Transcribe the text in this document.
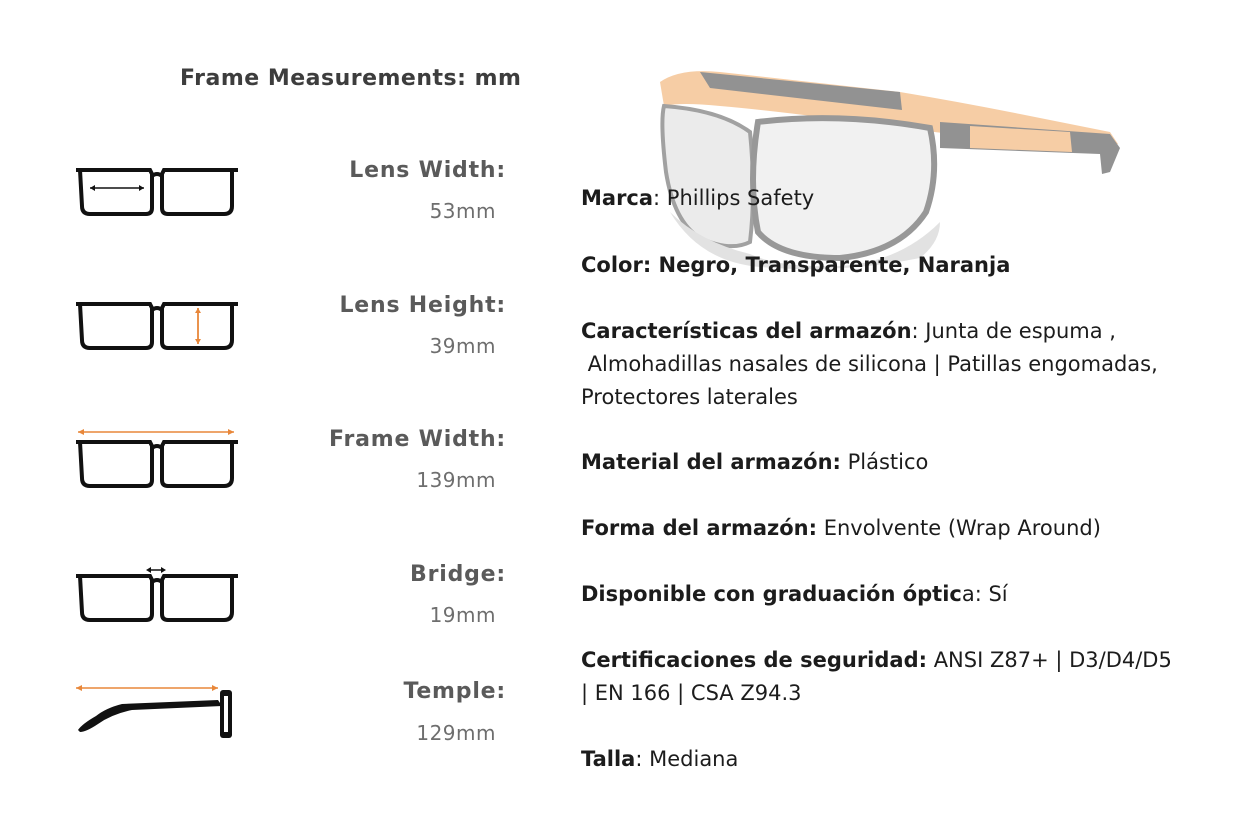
Frame Measurements: mm
Lens Width:
53mm
Lens Height:
39mm
Frame Width:
139mm
Bridge:
19mm
Temple:
129mm
Marca: Phillips Safety
Color: Negro, Transparente, Naranja
Características del armazón: Junta de espuma ,
Almohadillas nasales de silicona | Patillas engomadas,
Protectores laterales
Material del armazón: Plástico
Forma del armazón: Envolvente (Wrap Around)
Disponible con graduación óptica: Sí
Certificaciones de seguridad: ANSI Z87+ | D3/D4/D5
| EN 166 | CSA Z94.3
Talla: Mediana
